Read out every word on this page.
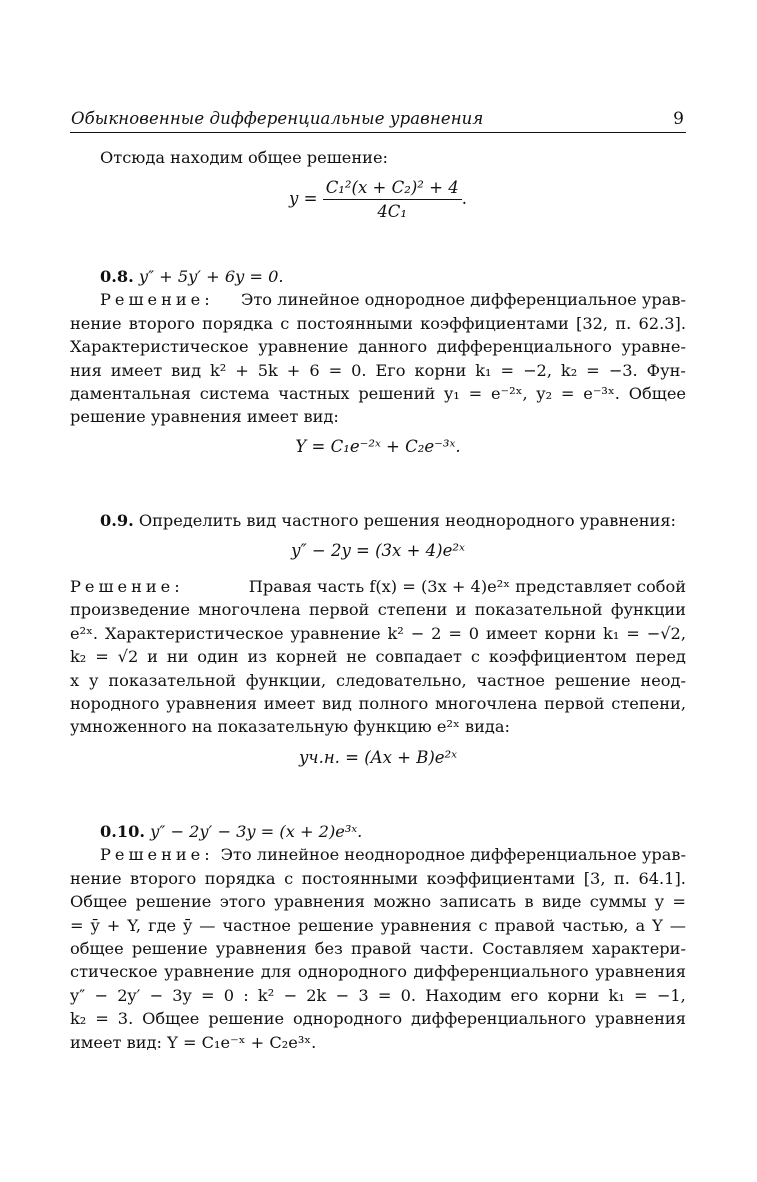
Обыкновенные дифференциальные уравнения	9
Отсюда находим общее решение:
$y = \frac{\text{C₁²(x + C₂)² + 4}}{\text{4C₁}}$ .
0.8. y″ + 5y′ + 6y = 0.
Решение: Это линейное однородное дифференциальное урав-
нение второго порядка с постоянными коэффициентами [32, п. 62.3].
Характеристическое уравнение данного дифференциального уравне-
ния имеет вид k² + 5k + 6 = 0. Его корни k₁ = −2, k₂ = −3. Фун-
даментальная система частных решений y₁ = e⁻²ˣ, y₂ = e⁻³ˣ. Общее
решение уравнения имеет вид:
Y = C₁e⁻²ˣ + C₂e⁻³ˣ.
0.9. Определить вид частного решения неоднородного уравнения:
y″ − 2y = (3x + 4)e²ˣ
Решение:	Правая часть f(x) = (3x + 4)e²ˣ представляет собой
произведение многочлена первой степени и показательной функции
e²ˣ. Характеристическое уравнение k² − 2 = 0 имеет корни k₁ = −√2,
k₂ = √2 и ни один из корней не совпадает с коэффициентом перед
x у показательной функции, следовательно, частное решение неод-
нородного уравнения имеет вид полного многочлена первой степени,
умноженного на показательную функцию e²ˣ вида:
yч.н. = (Ax + B)e²ˣ
0.10. y″ − 2y′ − 3y = (x + 2)e³ˣ.
Решение: Это линейное неоднородное дифференциальное урав-
нение второго порядка с постоянными коэффициентами [3, п. 64.1].
Общее решение этого уравнения можно записать в виде суммы y =
= ȳ + Y, где ȳ — частное решение уравнения с правой частью, а Y —
общее решение уравнения без правой части. Составляем характери-
стическое уравнение для однородного дифференциального уравнения
y″ − 2y′ − 3y = 0 : k² − 2k − 3 = 0. Находим его корни k₁ = −1,
k₂ = 3. Общее решение однородного дифференциального уравнения
имеет вид: Y = C₁e⁻ˣ + C₂e³ˣ.
